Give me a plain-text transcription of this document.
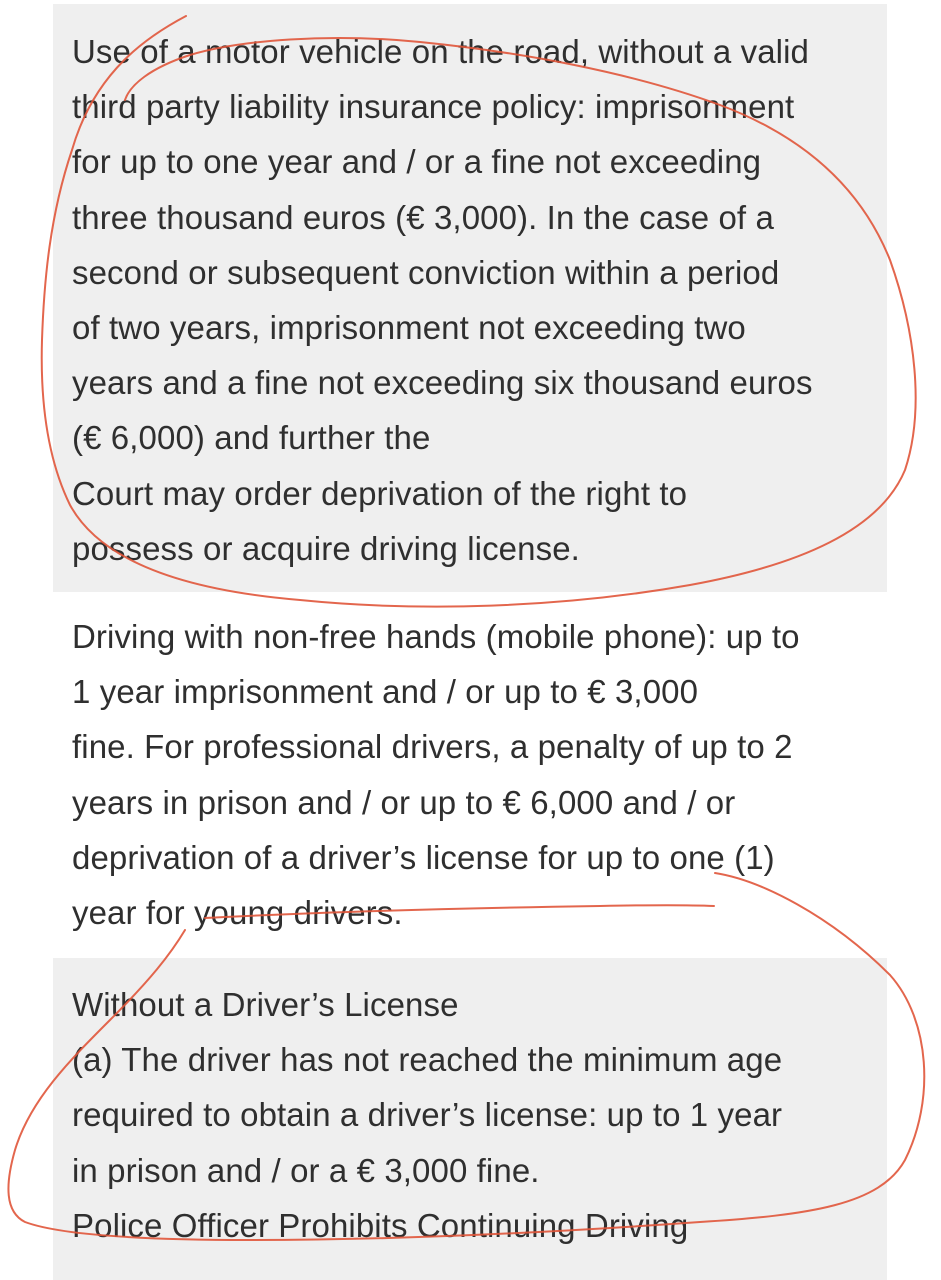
Use of a motor vehicle on the road, without a valid
third party liability insurance policy: imprisonment
for up to one year and / or a fine not exceeding
three thousand euros (€ 3,000). In the case of a
second or subsequent conviction within a period
of two years, imprisonment not exceeding two
years and a fine not exceeding six thousand euros
(€ 6,000) and further the
Court may order deprivation of the right to
possess or acquire driving license.
Driving with non-free hands (mobile phone): up to
1 year imprisonment and / or up to € 3,000
fine. For professional drivers, a penalty of up to 2
years in prison and / or up to € 6,000 and / or
deprivation of a driver’s license for up to one (1)
year for young drivers.
Without a Driver’s License
(a) The driver has not reached the minimum age
required to obtain a driver’s license: up to 1 year
in prison and / or a € 3,000 fine.
Police Officer Prohibits Continuing Driving
